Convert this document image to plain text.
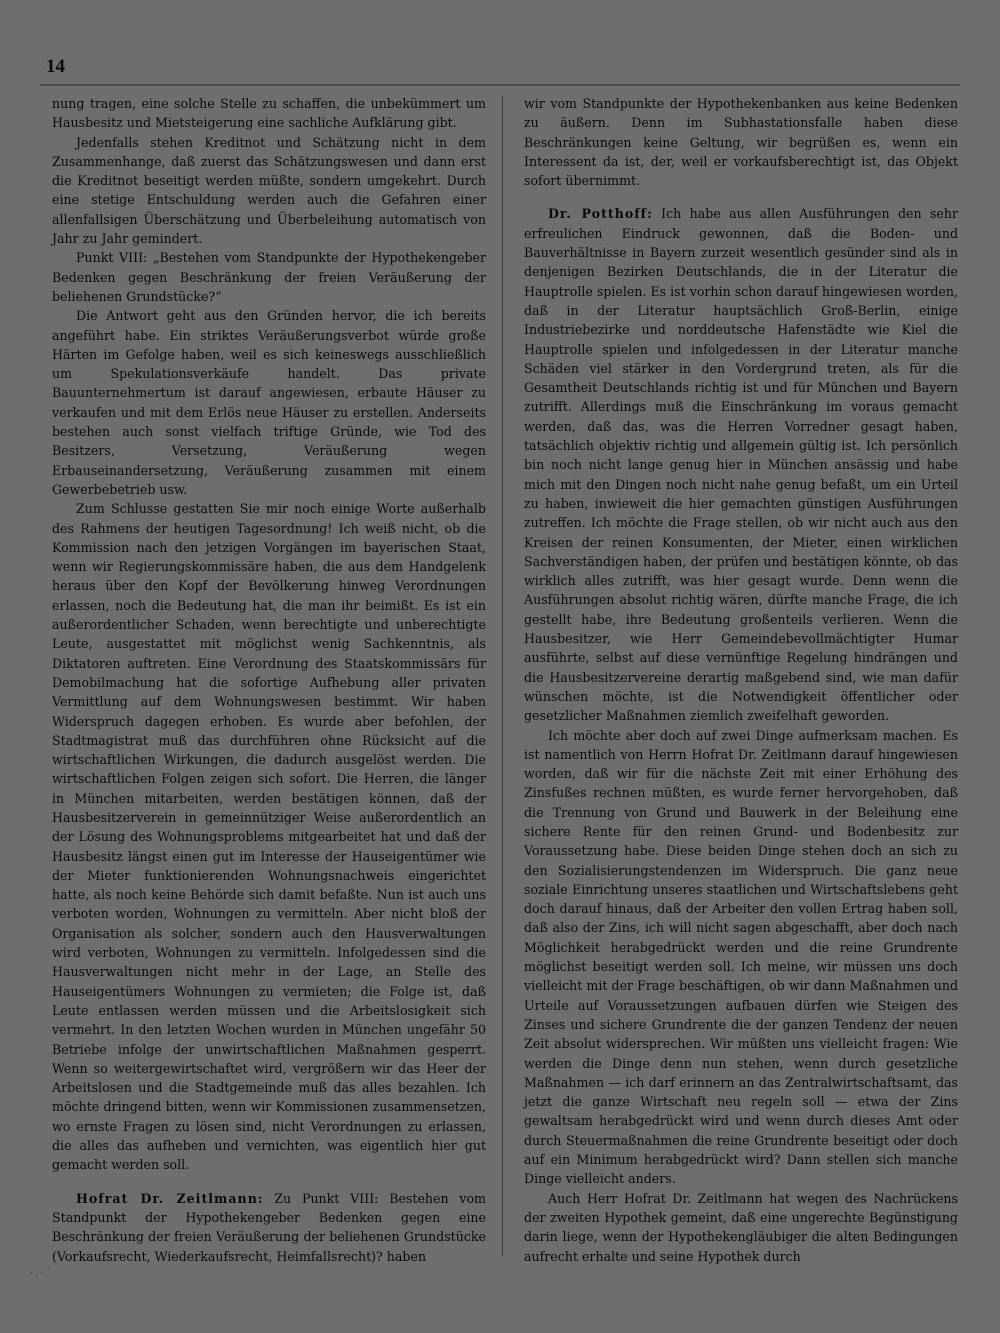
14

nung tragen, eine solche Stelle zu schaffen, die unbekümmert um Hausbesitz und Mietsteigerung eine sachliche Aufklärung gibt.

Jedenfalls stehen Kreditnot und Schätzung nicht in dem Zusammenhange, daß zuerst das Schätzungswesen und dann erst die Kreditnot beseitigt werden müßte, sondern umgekehrt. Durch eine stetige Entschuldung werden auch die Gefahren einer allenfallsigen Überschätzung und Überbeleihung automatisch von Jahr zu Jahr gemindert.

Punkt VIII: „Bestehen vom Standpunkte der Hypothekengeber Bedenken gegen Beschränkung der freien Veräußerung der beliehenen Grundstücke?“

Die Antwort geht aus den Gründen hervor, die ich bereits angeführt habe. Ein striktes Veräußerungsverbot würde große Härten im Gefolge haben, weil es sich keineswegs ausschließlich um Spekulationsverkäufe handelt. Das private Bauunternehmertum ist darauf angewiesen, erbaute Häuser zu verkaufen und mit dem Erlös neue Häuser zu erstellen. Anderseits bestehen auch sonst vielfach triftige Gründe, wie Tod des Besitzers, Versetzung, Veräußerung wegen Erbauseinandersetzung, Veräußerung zusammen mit einem Gewerbebetrieb usw.

Zum Schlusse gestatten Sie mir noch einige Worte außerhalb des Rahmens der heutigen Tagesordnung! Ich weiß nicht, ob die Kommission nach den jetzigen Vorgängen im bayerischen Staat, wenn wir Regierungskommissäre haben, die aus dem Handgelenk heraus über den Kopf der Bevölkerung hinweg Verordnungen erlassen, noch die Bedeutung hat, die man ihr beimißt. Es ist ein außerordentlicher Schaden, wenn berechtigte und unberechtigte Leute, ausgestattet mit möglichst wenig Sachkenntnis, als Diktatoren auftreten. Eine Verordnung des Staatskommissärs für Demobilmachung hat die sofortige Aufhebung aller privaten Vermittlung auf dem Wohnungswesen bestimmt. Wir haben Widerspruch dagegen erhoben. Es wurde aber befohlen, der Stadtmagistrat muß das durchführen ohne Rücksicht auf die wirtschaftlichen Wirkungen, die dadurch ausgelöst werden. Die wirtschaftlichen Folgen zeigen sich sofort. Die Herren, die länger in München mitarbeiten, werden bestätigen können, daß der Hausbesitzerverein in gemeinnütziger Weise außerordentlich an der Lösung des Wohnungsproblems mitgearbeitet hat und daß der Hausbesitz längst einen gut im Interesse der Hauseigentümer wie der Mieter funktionierenden Wohnungsnachweis eingerichtet hatte, als noch keine Behörde sich damit befaßte. Nun ist auch uns verboten worden, Wohnungen zu vermitteln. Aber nicht bloß der Organisation als solcher, sondern auch den Hausverwaltungen wird verboten, Wohnungen zu vermitteln. Infolgedessen sind die Hausverwaltungen nicht mehr in der Lage, an Stelle des Hauseigentümers Wohnungen zu vermieten; die Folge ist, daß Leute entlassen werden müssen und die Arbeitslosigkeit sich vermehrt. In den letzten Wochen wurden in München ungefähr 50 Betriebe infolge der unwirtschaftlichen Maßnahmen gesperrt. Wenn so weitergewirtschaftet wird, vergrößern wir das Heer der Arbeitslosen und die Stadtgemeinde muß das alles bezahlen. Ich möchte dringend bitten, wenn wir Kommissionen zusammensetzen, wo ernste Fragen zu lösen sind, nicht Verordnungen zu erlassen, die alles das aufheben und vernichten, was eigentlich hier gut gemacht werden soll.

Hofrat Dr. Zeitlmann: Zu Punkt VIII: Bestehen vom Standpunkt der Hypothekengeber Bedenken gegen eine Beschränkung der freien Veräußerung der beliehenen Grundstücke (Vorkaufsrecht, Wiederkaufsrecht, Heimfallsrecht)? haben

wir vom Standpunkte der Hypothekenbanken aus keine Bedenken zu äußern. Denn im Subhastationsfalle haben diese Beschränkungen keine Geltung, wir begrüßen es, wenn ein Interessent da ist, der, weil er vorkaufsberechtigt ist, das Objekt sofort übernimmt.

Dr. Potthoff: Ich habe aus allen Ausführungen den sehr erfreulichen Eindruck gewonnen, daß die Boden- und Bauverhältnisse in Bayern zurzeit wesentlich gesünder sind als in denjenigen Bezirken Deutschlands, die in der Literatur die Hauptrolle spielen. Es ist vorhin schon darauf hingewiesen worden, daß in der Literatur hauptsächlich Groß-Berlin, einige Industriebezirke und norddeutsche Hafenstädte wie Kiel die Hauptrolle spielen und infolgedessen in der Literatur manche Schäden viel stärker in den Vordergrund treten, als für die Gesamtheit Deutschlands richtig ist und für München und Bayern zutrifft. Allerdings muß die Einschränkung im voraus gemacht werden, daß das, was die Herren Vorredner gesagt haben, tatsächlich objektiv richtig und allgemein gültig ist. Ich persönlich bin noch nicht lange genug hier in München ansässig und habe mich mit den Dingen noch nicht nahe genug befaßt, um ein Urteil zu haben, inwieweit die hier gemachten günstigen Ausführungen zutreffen. Ich möchte die Frage stellen, ob wir nicht auch aus den Kreisen der reinen Konsumenten, der Mieter, einen wirklichen Sachverständigen haben, der prüfen und bestätigen könnte, ob das wirklich alles zutrifft, was hier gesagt wurde. Denn wenn die Ausführungen absolut richtig wären, dürfte manche Frage, die ich gestellt habe, ihre Bedeutung großenteils verlieren. Wenn die Hausbesitzer, wie Herr Gemeindebevollmächtigter Humar ausführte, selbst auf diese vernünftige Regelung hindrängen und die Hausbesitzervereine derartig maßgebend sind, wie man dafür wünschen möchte, ist die Notwendigkeit öffentlicher oder gesetzlicher Maßnahmen ziemlich zweifelhaft geworden.

Ich möchte aber doch auf zwei Dinge aufmerksam machen. Es ist namentlich von Herrn Hofrat Dr. Zeitlmann darauf hingewiesen worden, daß wir für die nächste Zeit mit einer Erhöhung des Zinsfußes rechnen müßten, es wurde ferner hervorgehoben, daß die Trennung von Grund und Bauwerk in der Beleihung eine sichere Rente für den reinen Grund- und Bodenbesitz zur Voraussetzung habe. Diese beiden Dinge stehen doch an sich zu den Sozialisierungstendenzen im Widerspruch. Die ganz neue soziale Einrichtung unseres staatlichen und Wirtschaftslebens geht doch darauf hinaus, daß der Arbeiter den vollen Ertrag haben soll, daß also der Zins, ich will nicht sagen abgeschafft, aber doch nach Möglichkeit herabgedrückt werden und die reine Grundrente möglichst beseitigt werden soll. Ich meine, wir müssen uns doch vielleicht mit der Frage beschäftigen, ob wir dann Maßnahmen und Urteile auf Voraussetzungen aufbauen dürfen wie Steigen des Zinses und sichere Grundrente die der ganzen Tendenz der neuen Zeit absolut widersprechen. Wir müßten uns vielleicht fragen: Wie werden die Dinge denn nun stehen, wenn durch gesetzliche Maßnahmen — ich darf erinnern an das Zentralwirtschaftsamt, das jetzt die ganze Wirtschaft neu regeln soll — etwa der Zins gewaltsam herabgedrückt wird und wenn durch dieses Amt oder durch Steuermaßnahmen die reine Grundrente beseitigt oder doch auf ein Minimum herabgedrückt wird? Dann stellen sich manche Dinge vielleicht anders.

Auch Herr Hofrat Dr. Zeitlmann hat wegen des Nachrückens der zweiten Hypothek gemeint, daß eine ungerechte Begünstigung darin liege, wenn der Hypothekengläubiger die alten Bedingungen aufrecht erhalte und seine Hypothek durch

·.·´
